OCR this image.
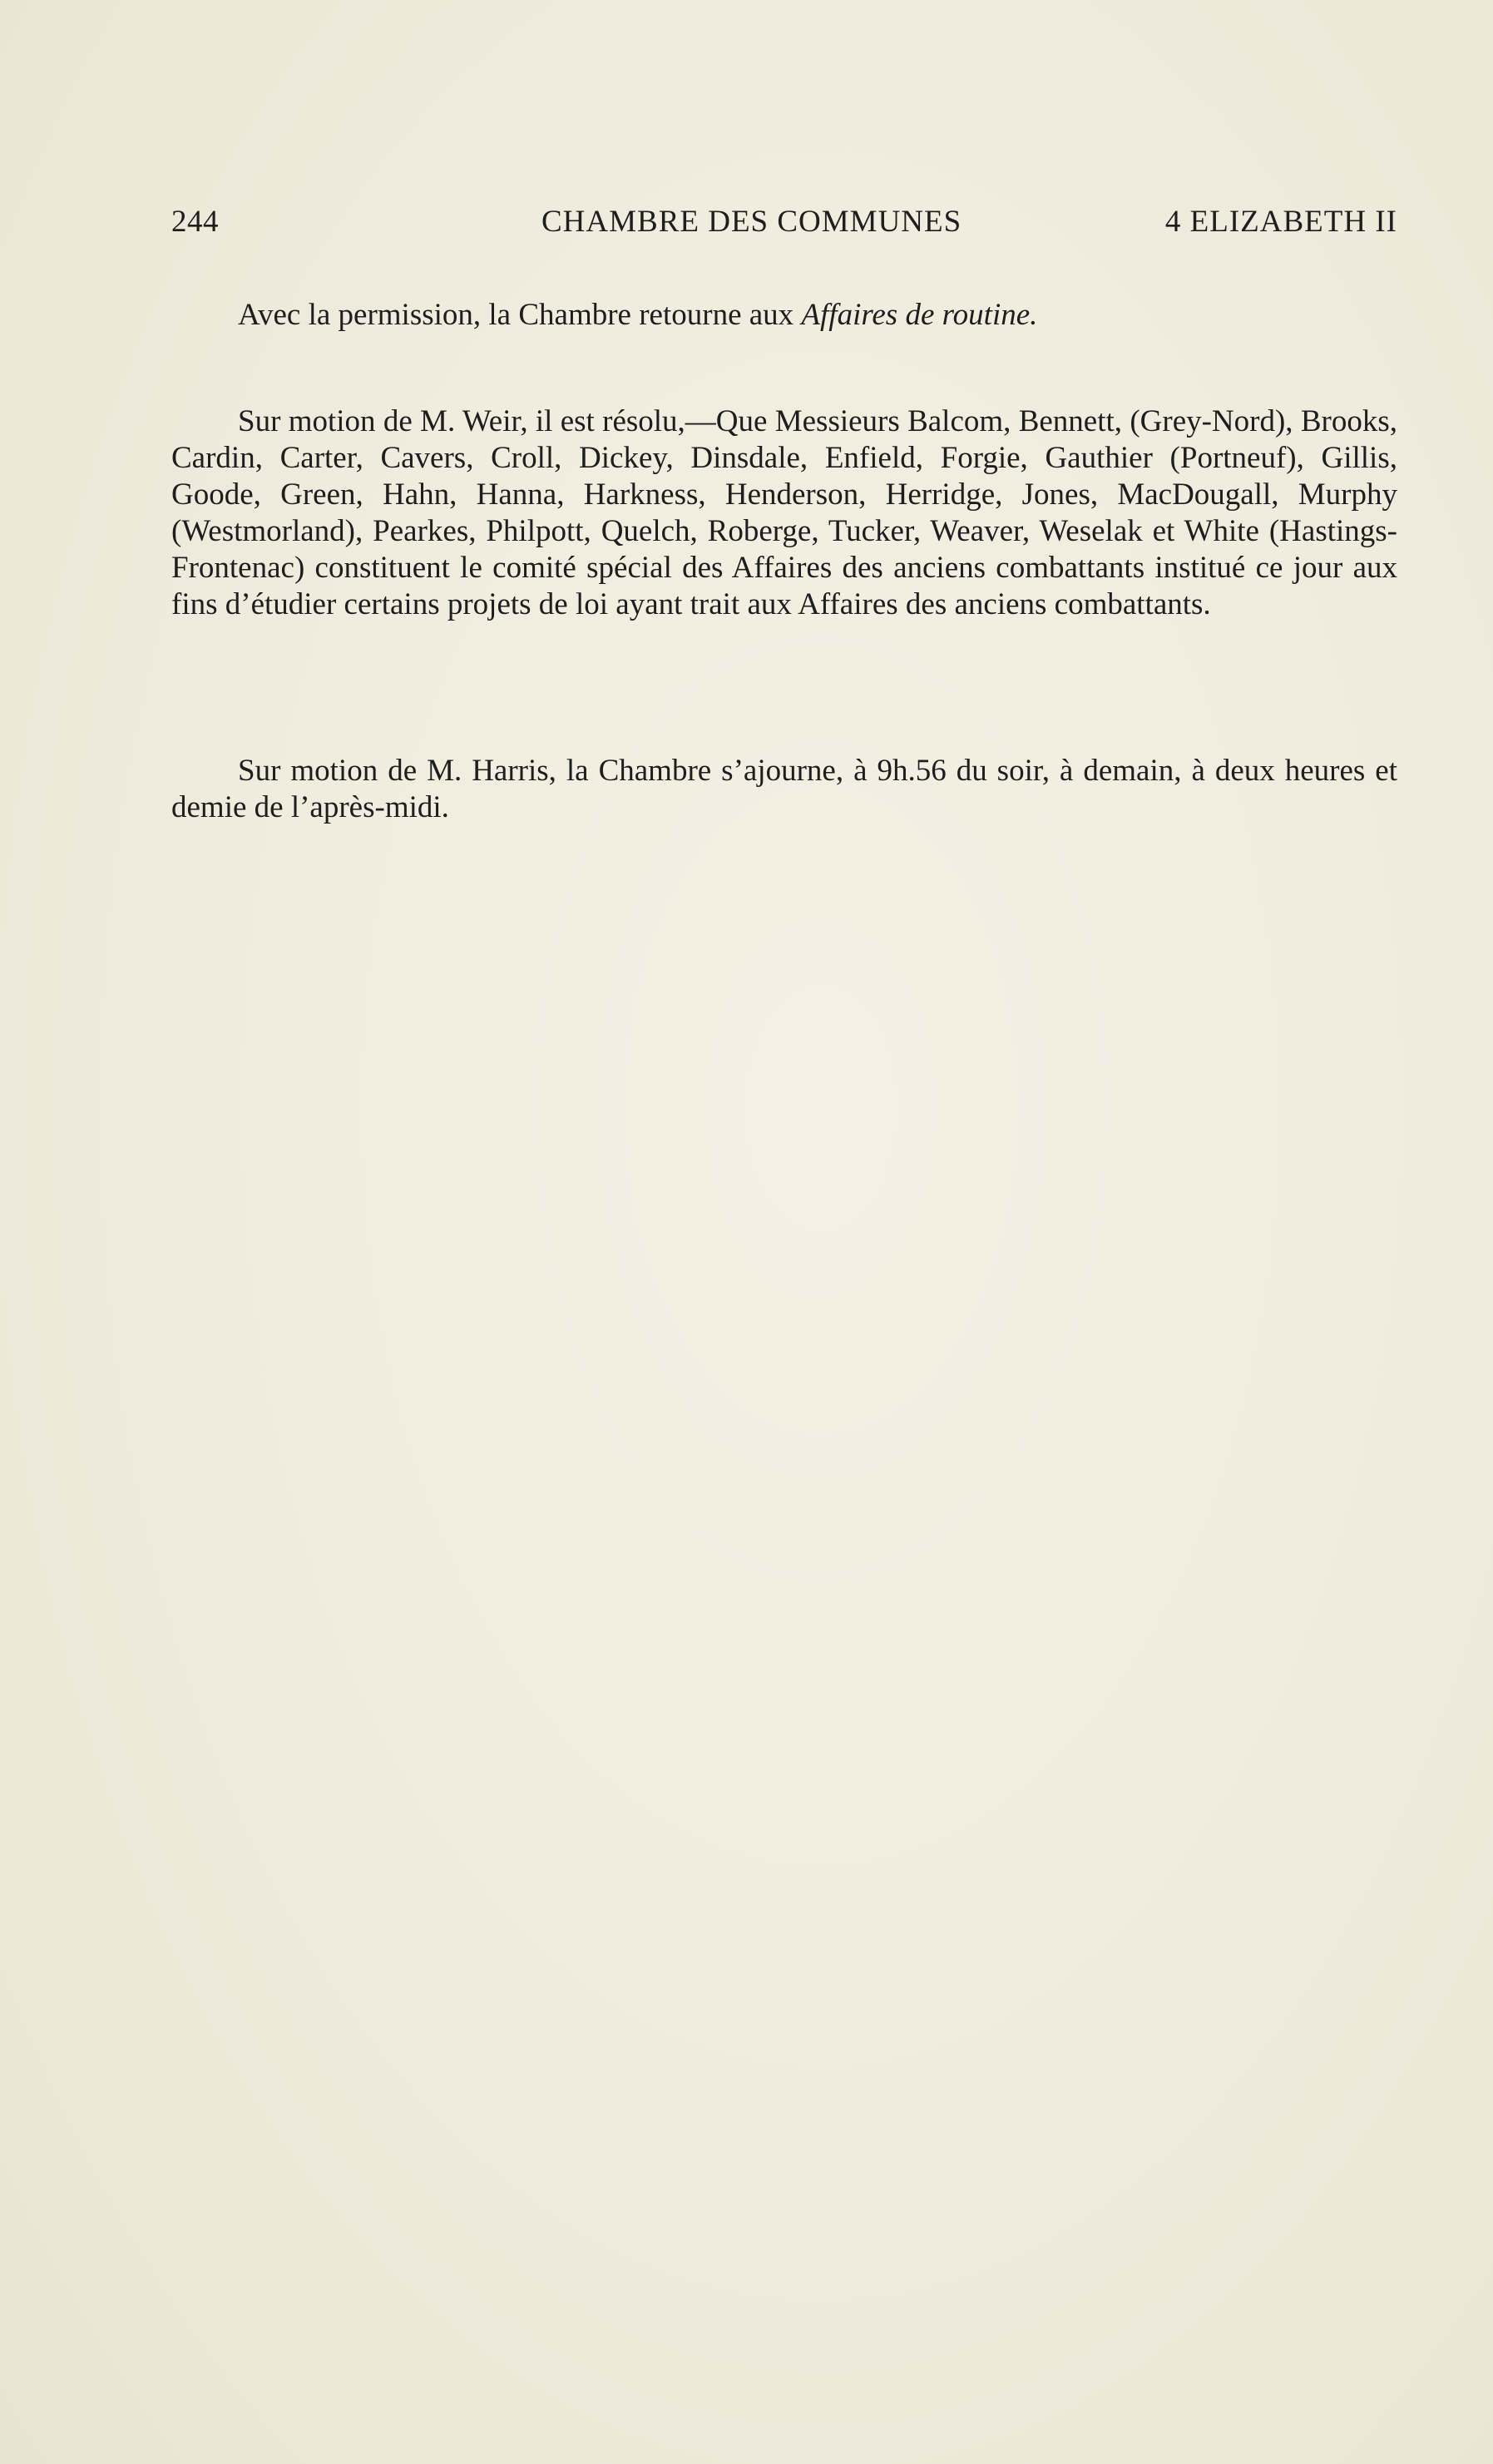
244	CHAMBRE DES COMMUNES	4 ELIZABETH II

Avec la permission, la Chambre retourne aux Affaires de routine.

Sur motion de M. Weir, il est résolu,—Que Messieurs Balcom, Bennett, (Grey-Nord), Brooks, Cardin, Carter, Cavers, Croll, Dickey, Dinsdale, Enfield, Forgie, Gauthier (Portneuf), Gillis, Goode, Green, Hahn, Hanna, Harkness, Henderson, Herridge, Jones, MacDougall, Murphy (Westmorland), Pearkes, Philpott, Quelch, Roberge, Tucker, Weaver, Weselak et White (Hastings-Frontenac) constituent le comité spécial des Affaires des anciens combattants institué ce jour aux fins d’étudier certains projets de loi ayant trait aux Affaires des anciens combattants.

Sur motion de M. Harris, la Chambre s’ajourne, à 9h.56 du soir, à demain, à deux heures et demie de l’après-midi.
